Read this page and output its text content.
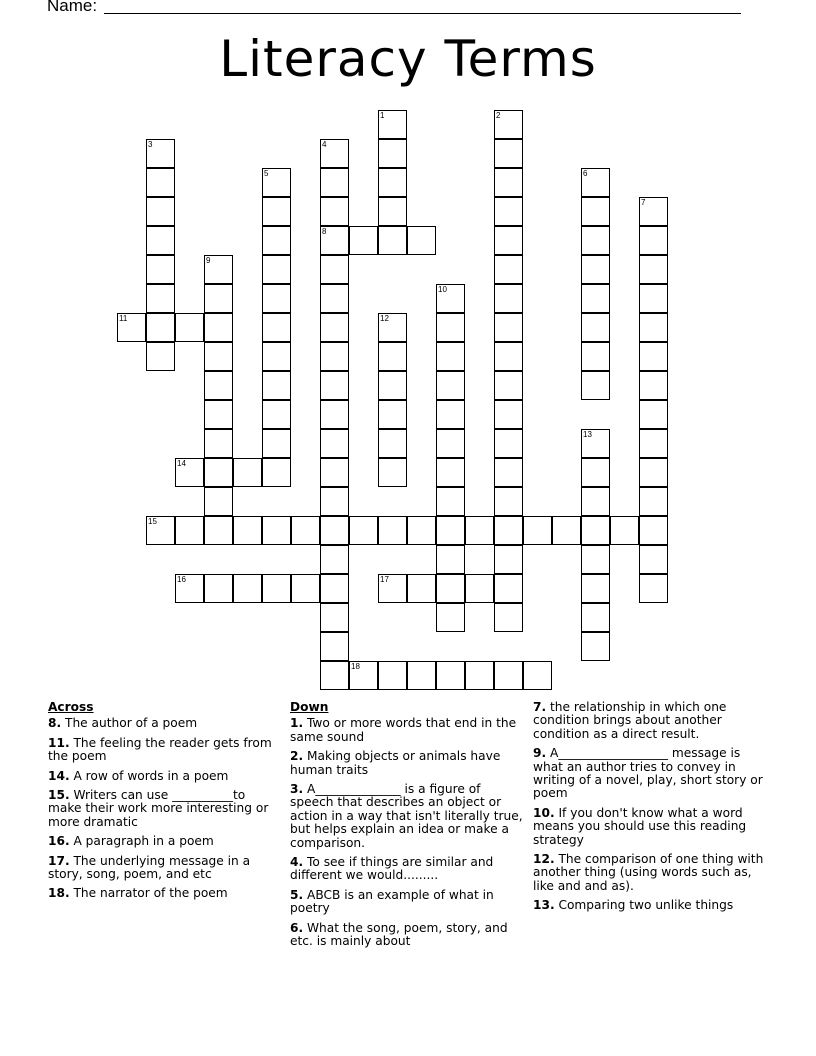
Name:
Literacy Terms
1	2
3	4
5	6
7
8
9
10
11	12
13
14
15
16	17
18
Across
8. The author of a poem
11. The feeling the reader gets from the poem
14. A row of words in a poem
15. Writers can use __________to make their work more interesting or more dramatic
16. A paragraph in a poem
17. The underlying message in a story, song, poem, and etc
18. The narrator of the poem
Down
1. Two or more words that end in the same sound
2. Making objects or animals have human traits
3. A______________ is a figure of speech that describes an object or action in a way that isn't literally true, but helps explain an idea or make a comparison.
4. To see if things are similar and different we would.........
5. ABCB is an example of what in poetry
6. What the song, poem, story, and etc. is mainly about
7. the relationship in which one condition brings about another condition as a direct result.
9. A__________________ message is what an author tries to convey in writing of a novel, play, short story or poem
10. If you don't know what a word means you should use this reading strategy
12. The comparison of one thing with another thing (using words such as, like and and as).
13. Comparing two unlike things
